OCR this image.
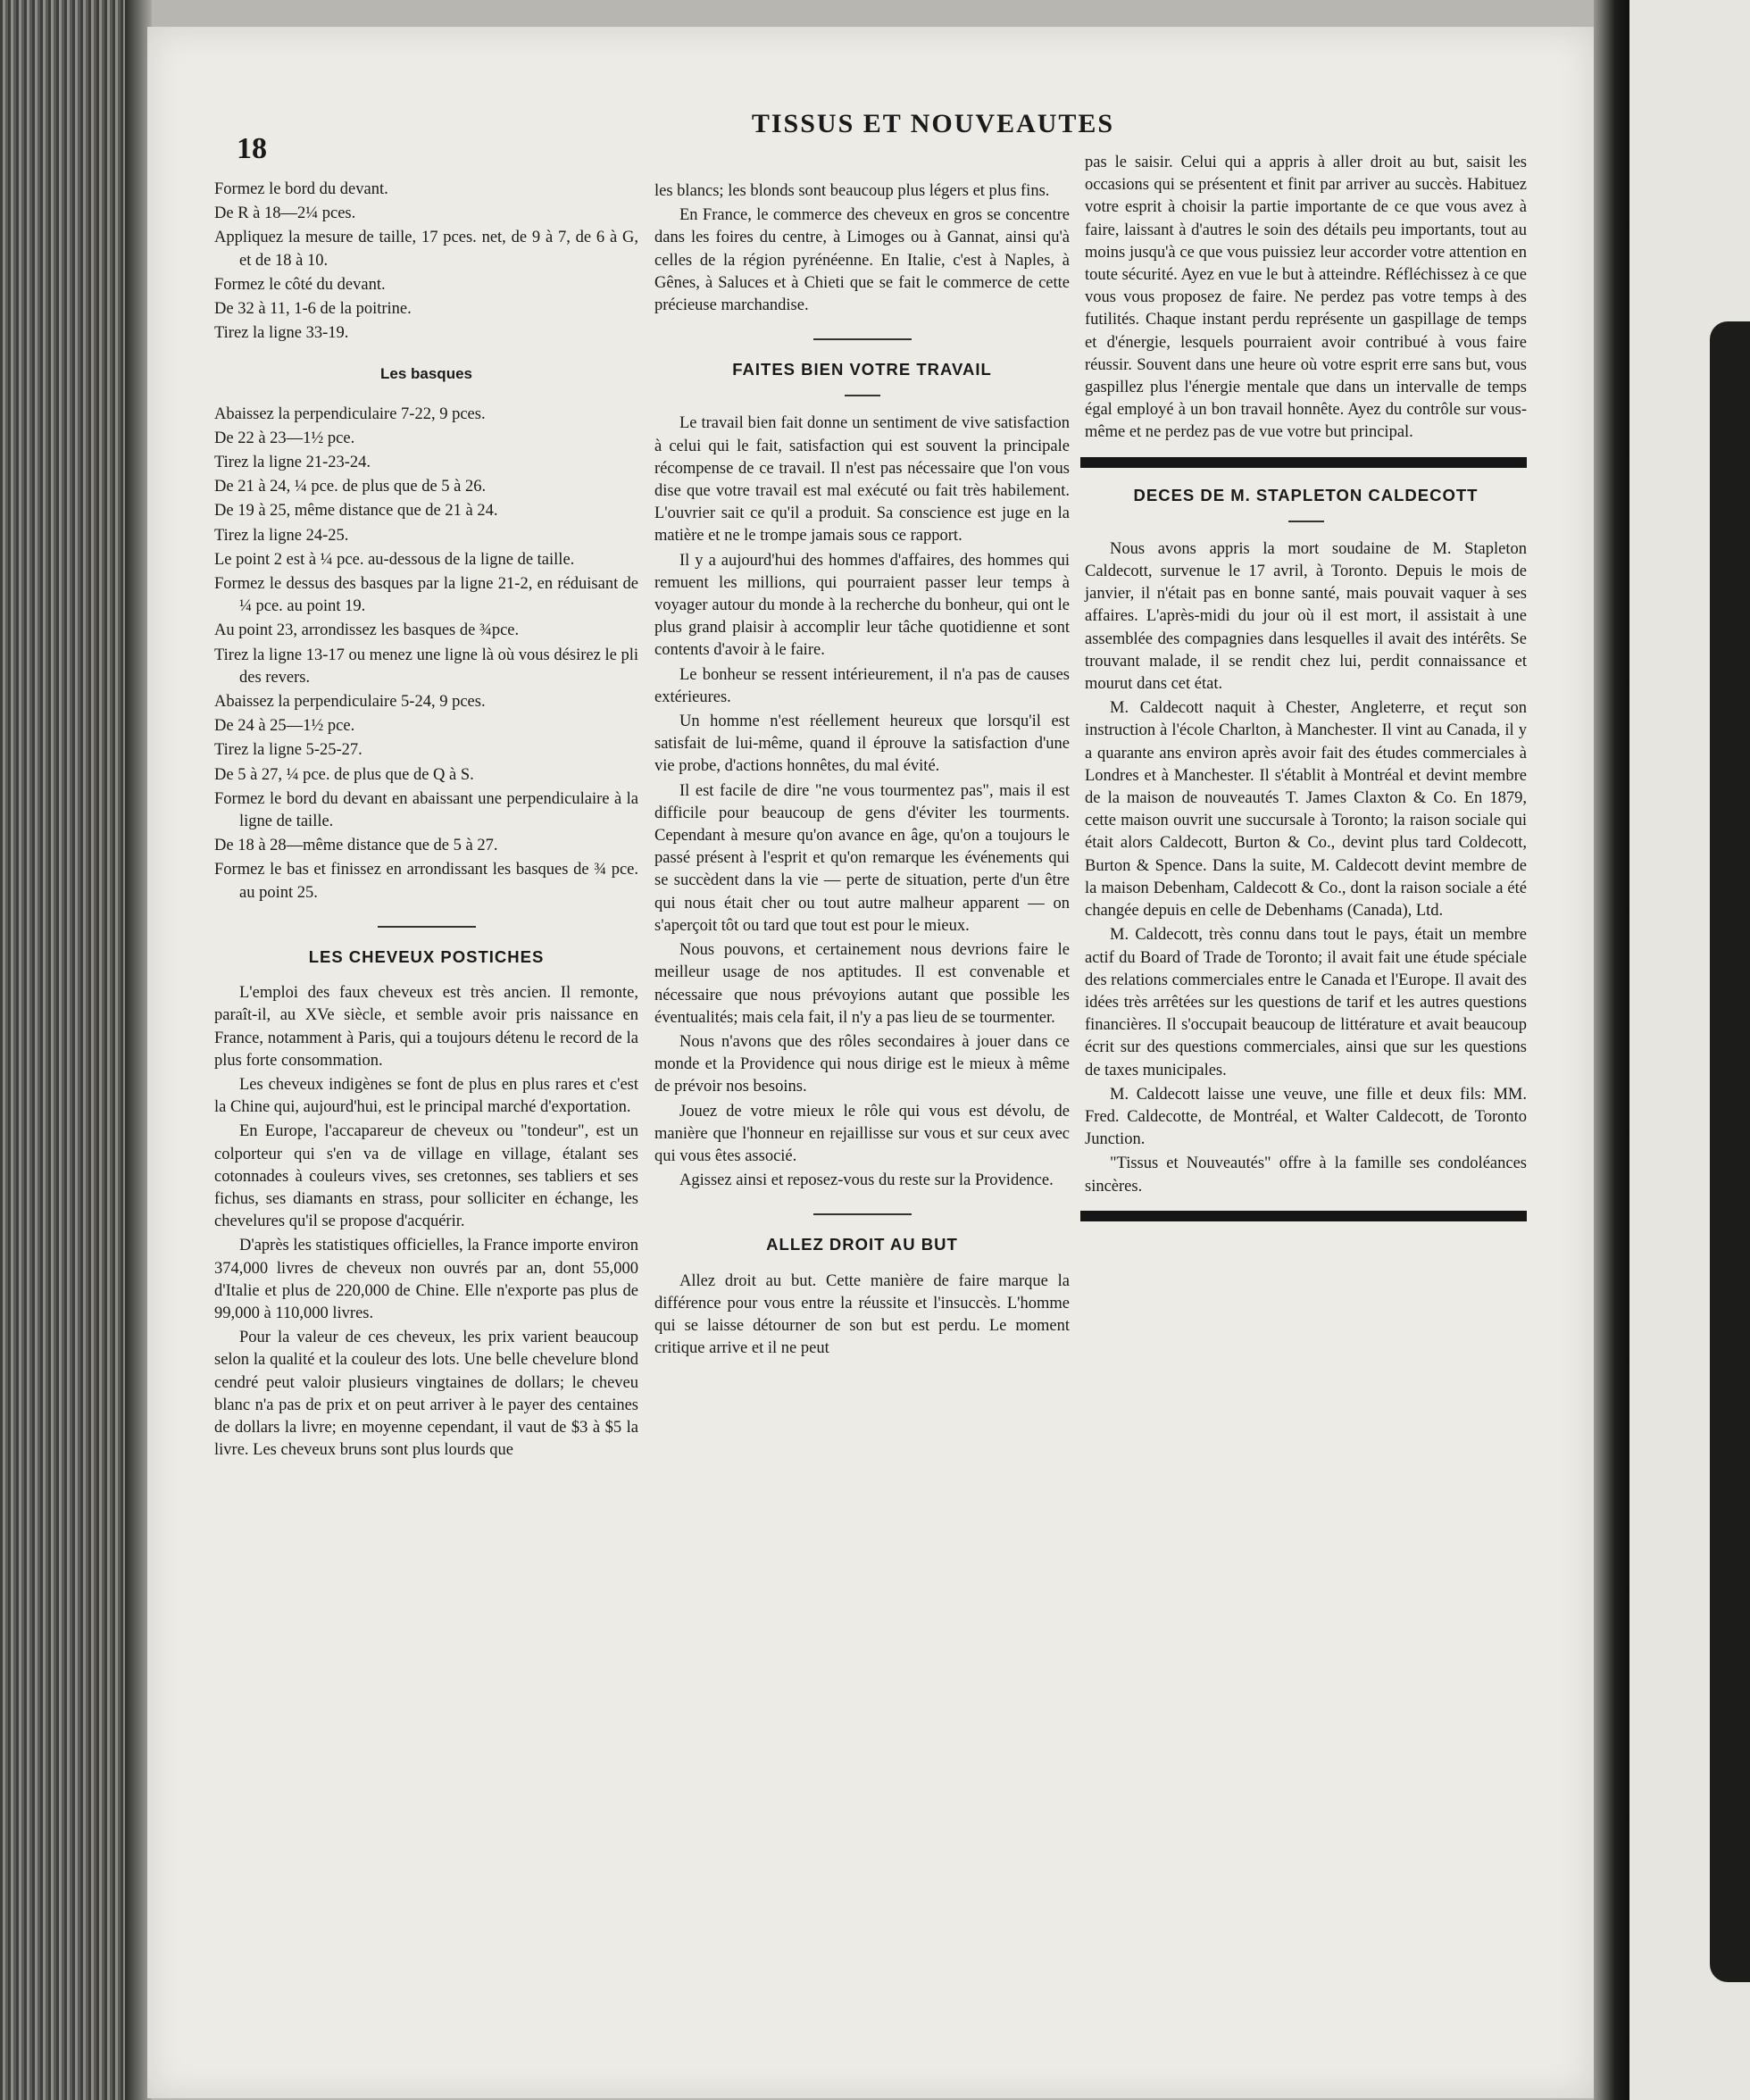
18
TISSUS ET NOUVEAUTES

Formez le bord du devant.

De R à 18—2¼ pces.

Appliquez la mesure de taille, 17 pces. net, de 9 à 7, de 6 à G, et de 18 à 10.

Formez le côté du devant.

De 32 à 11, 1-6 de la poitrine.

Tirez la ligne 33-19.

Les basques

Abaissez la perpendiculaire 7-22, 9 pces.

De 22 à 23—1½ pce.

Tirez la ligne 21-23-24.

De 21 à 24, ¼ pce. de plus que de 5 à 26.

De 19 à 25, même distance que de 21 à 24.

Tirez la ligne 24-25.

Le point 2 est à ¼ pce. au-dessous de la ligne de taille.

Formez le dessus des basques par la ligne 21-2, en réduisant de ¼ pce. au point 19.

Au point 23, arrondissez les basques de ¾pce.

Tirez la ligne 13-17 ou menez une ligne là où vous désirez le pli des revers.

Abaissez la perpendiculaire 5-24, 9 pces.

De 24 à 25—1½ pce.

Tirez la ligne 5-25-27.

De 5 à 27, ¼ pce. de plus que de Q à S.

Formez le bord du devant en abaissant une perpendiculaire à la ligne de taille.

De 18 à 28—même distance que de 5 à 27.

Formez le bas et finissez en arrondissant les basques de ¾ pce. au point 25.

LES CHEVEUX POSTICHES

L'emploi des faux cheveux est très ancien. Il remonte, paraît-il, au XVe siècle, et semble avoir pris naissance en France, notamment à Paris, qui a toujours détenu le record de la plus forte consommation.

Les cheveux indigènes se font de plus en plus rares et c'est la Chine qui, aujourd'hui, est le principal marché d'exportation.

En Europe, l'accapareur de cheveux ou "tondeur", est un colporteur qui s'en va de village en village, étalant ses cotonnades à couleurs vives, ses cretonnes, ses tabliers et ses fichus, ses diamants en strass, pour solliciter en échange, les chevelures qu'il se propose d'acquérir.

D'après les statistiques officielles, la France importe environ 374,000 livres de cheveux non ouvrés par an, dont 55,000 d'Italie et plus de 220,000 de Chine. Elle n'exporte pas plus de 99,000 à 110,000 livres.

Pour la valeur de ces cheveux, les prix varient beaucoup selon la qualité et la couleur des lots. Une belle chevelure blond cendré peut valoir plusieurs vingtaines de dollars; le cheveu blanc n'a pas de prix et on peut arriver à le payer des centaines de dollars la livre; en moyenne cependant, il vaut de $3 à $5 la livre. Les cheveux bruns sont plus lourds que

les blancs; les blonds sont beaucoup plus légers et plus fins.

En France, le commerce des cheveux en gros se concentre dans les foires du centre, à Limoges ou à Gannat, ainsi qu'à celles de la région pyrénéenne. En Italie, c'est à Naples, à Gênes, à Saluces et à Chieti que se fait le commerce de cette précieuse marchandise.

FAITES BIEN VOTRE TRAVAIL

Le travail bien fait donne un sentiment de vive satisfaction à celui qui le fait, satisfaction qui est souvent la principale récompense de ce travail. Il n'est pas nécessaire que l'on vous dise que votre travail est mal exécuté ou fait très habilement. L'ouvrier sait ce qu'il a produit. Sa conscience est juge en la matière et ne le trompe jamais sous ce rapport.

Il y a aujourd'hui des hommes d'affaires, des hommes qui remuent les millions, qui pourraient passer leur temps à voyager autour du monde à la recherche du bonheur, qui ont le plus grand plaisir à accomplir leur tâche quotidienne et sont contents d'avoir à le faire.

Le bonheur se ressent intérieurement, il n'a pas de causes extérieures.

Un homme n'est réellement heureux que lorsqu'il est satisfait de lui-même, quand il éprouve la satisfaction d'une vie probe, d'actions honnêtes, du mal évité.

Il est facile de dire "ne vous tourmentez pas", mais il est difficile pour beaucoup de gens d'éviter les tourments. Cependant à mesure qu'on avance en âge, qu'on a toujours le passé présent à l'esprit et qu'on remarque les événements qui se succèdent dans la vie — perte de situation, perte d'un être qui nous était cher ou tout autre malheur apparent — on s'aperçoit tôt ou tard que tout est pour le mieux.

Nous pouvons, et certainement nous devrions faire le meilleur usage de nos aptitudes. Il est convenable et nécessaire que nous prévoyions autant que possible les éventualités; mais cela fait, il n'y a pas lieu de se tourmenter.

Nous n'avons que des rôles secondaires à jouer dans ce monde et la Providence qui nous dirige est le mieux à même de prévoir nos besoins.

Jouez de votre mieux le rôle qui vous est dévolu, de manière que l'honneur en rejaillisse sur vous et sur ceux avec qui vous êtes associé.

Agissez ainsi et reposez-vous du reste sur la Providence.

ALLEZ DROIT AU BUT

Allez droit au but. Cette manière de faire marque la différence pour vous entre la réussite et l'insuccès. L'homme qui se laisse détourner de son but est perdu. Le moment critique arrive et il ne peut

pas le saisir. Celui qui a appris à aller droit au but, saisit les occasions qui se présentent et finit par arriver au succès. Habituez votre esprit à choisir la partie importante de ce que vous avez à faire, laissant à d'autres le soin des détails peu importants, tout au moins jusqu'à ce que vous puissiez leur accorder votre attention en toute sécurité. Ayez en vue le but à atteindre. Réfléchissez à ce que vous vous proposez de faire. Ne perdez pas votre temps à des futilités. Chaque instant perdu représente un gaspillage de temps et d'énergie, lesquels pourraient avoir contribué à vous faire réussir. Souvent dans une heure où votre esprit erre sans but, vous gaspillez plus l'énergie mentale que dans un intervalle de temps égal employé à un bon travail honnête. Ayez du contrôle sur vous-même et ne perdez pas de vue votre but principal.

DECES DE M. STAPLETON CALDECOTT

Nous avons appris la mort soudaine de M. Stapleton Caldecott, survenue le 17 avril, à Toronto. Depuis le mois de janvier, il n'était pas en bonne santé, mais pouvait vaquer à ses affaires. L'après-midi du jour où il est mort, il assistait à une assemblée des compagnies dans lesquelles il avait des intérêts. Se trouvant malade, il se rendit chez lui, perdit connaissance et mourut dans cet état.

M. Caldecott naquit à Chester, Angleterre, et reçut son instruction à l'école Charlton, à Manchester. Il vint au Canada, il y a quarante ans environ après avoir fait des études commerciales à Londres et à Manchester. Il s'établit à Montréal et devint membre de la maison de nouveautés T. James Claxton & Co. En 1879, cette maison ouvrit une succursale à Toronto; la raison sociale qui était alors Caldecott, Burton & Co., devint plus tard Coldecott, Burton & Spence. Dans la suite, M. Caldecott devint membre de la maison Debenham, Caldecott & Co., dont la raison sociale a été changée depuis en celle de Debenhams (Canada), Ltd.

M. Caldecott, très connu dans tout le pays, était un membre actif du Board of Trade de Toronto; il avait fait une étude spéciale des relations commerciales entre le Canada et l'Europe. Il avait des idées très arrêtées sur les questions de tarif et les autres questions financières. Il s'occupait beaucoup de littérature et avait beaucoup écrit sur des questions commerciales, ainsi que sur les questions de taxes municipales.

M. Caldecott laisse une veuve, une fille et deux fils: MM. Fred. Caldecotte, de Montréal, et Walter Caldecott, de Toronto Junction.

"Tissus et Nouveautés" offre à la famille ses condoléances sincères.
